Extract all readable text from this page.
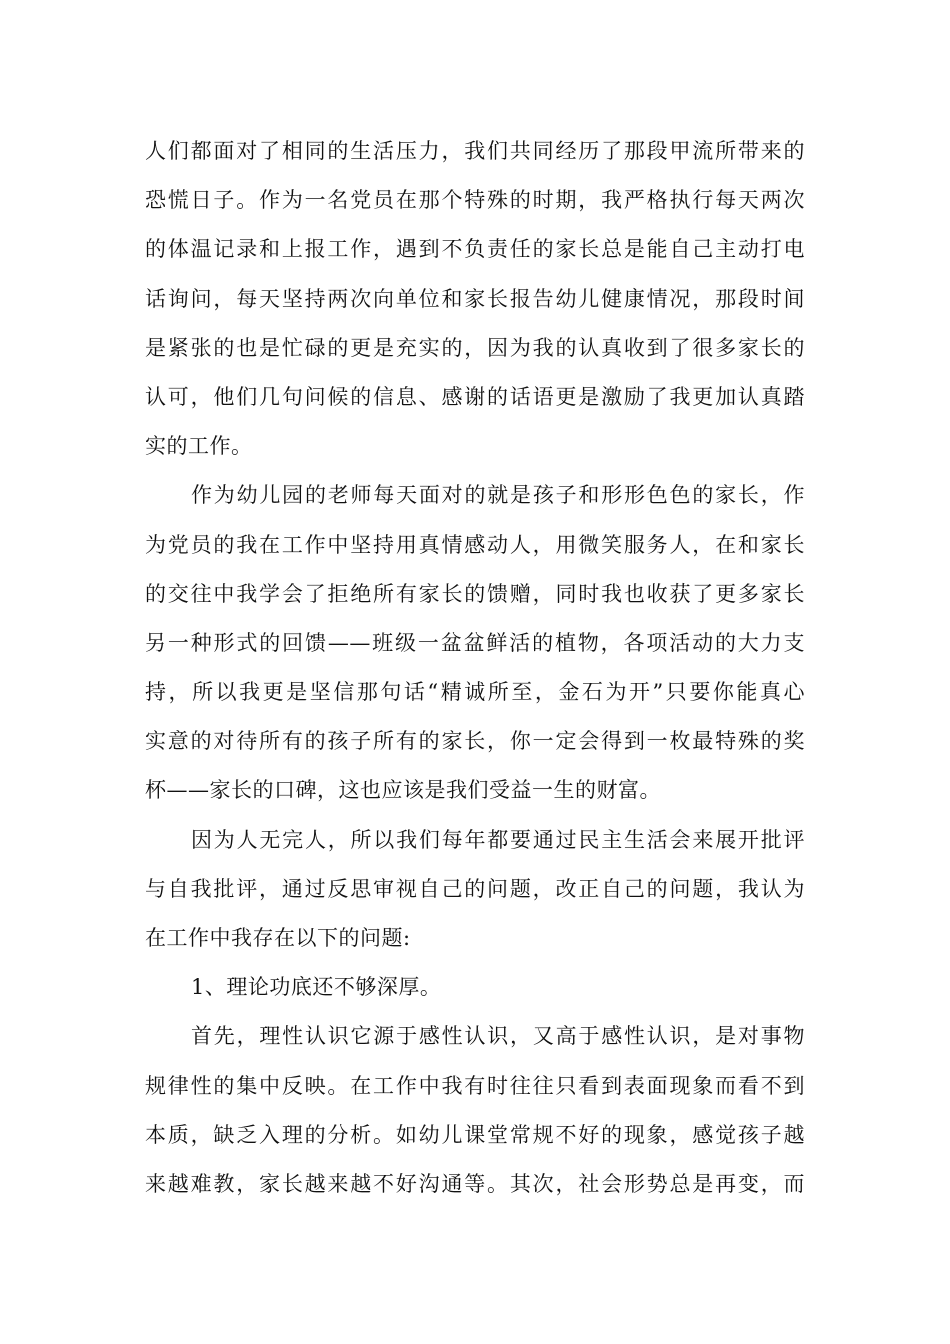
人们都面对了相同的生活压力，我们共同经历了那段甲流所带来的
恐慌日子。作为一名党员在那个特殊的时期，我严格执行每天两次
的体温记录和上报工作，遇到不负责任的家长总是能自己主动打电
话询问，每天坚持两次向单位和家长报告幼儿健康情况，那段时间
是紧张的也是忙碌的更是充实的，因为我的认真收到了很多家长的
认可，他们几句问候的信息、感谢的话语更是激励了我更加认真踏
实的工作。
作为幼儿园的老师每天面对的就是孩子和形形色色的家长，作
为党员的我在工作中坚持用真情感动人，用微笑服务人，在和家长
的交往中我学会了拒绝所有家长的馈赠，同时我也收获了更多家长
另一种形式的回馈——班级一盆盆鲜活的植物，各项活动的大力支
持，所以我更是坚信那句话“精诚所至，金石为开”只要你能真心
实意的对待所有的孩子所有的家长，你一定会得到一枚最特殊的奖
杯——家长的口碑，这也应该是我们受益一生的财富。
因为人无完人，所以我们每年都要通过民主生活会来展开批评
与自我批评，通过反思审视自己的问题，改正自己的问题，我认为
在工作中我存在以下的问题:
1、理论功底还不够深厚。
首先，理性认识它源于感性认识，又高于感性认识，是对事物
规律性的集中反映。在工作中我有时往往只看到表面现象而看不到
本质，缺乏入理的分析。如幼儿课堂常规不好的现象，感觉孩子越
来越难教，家长越来越不好沟通等。其次，社会形势总是再变，而
